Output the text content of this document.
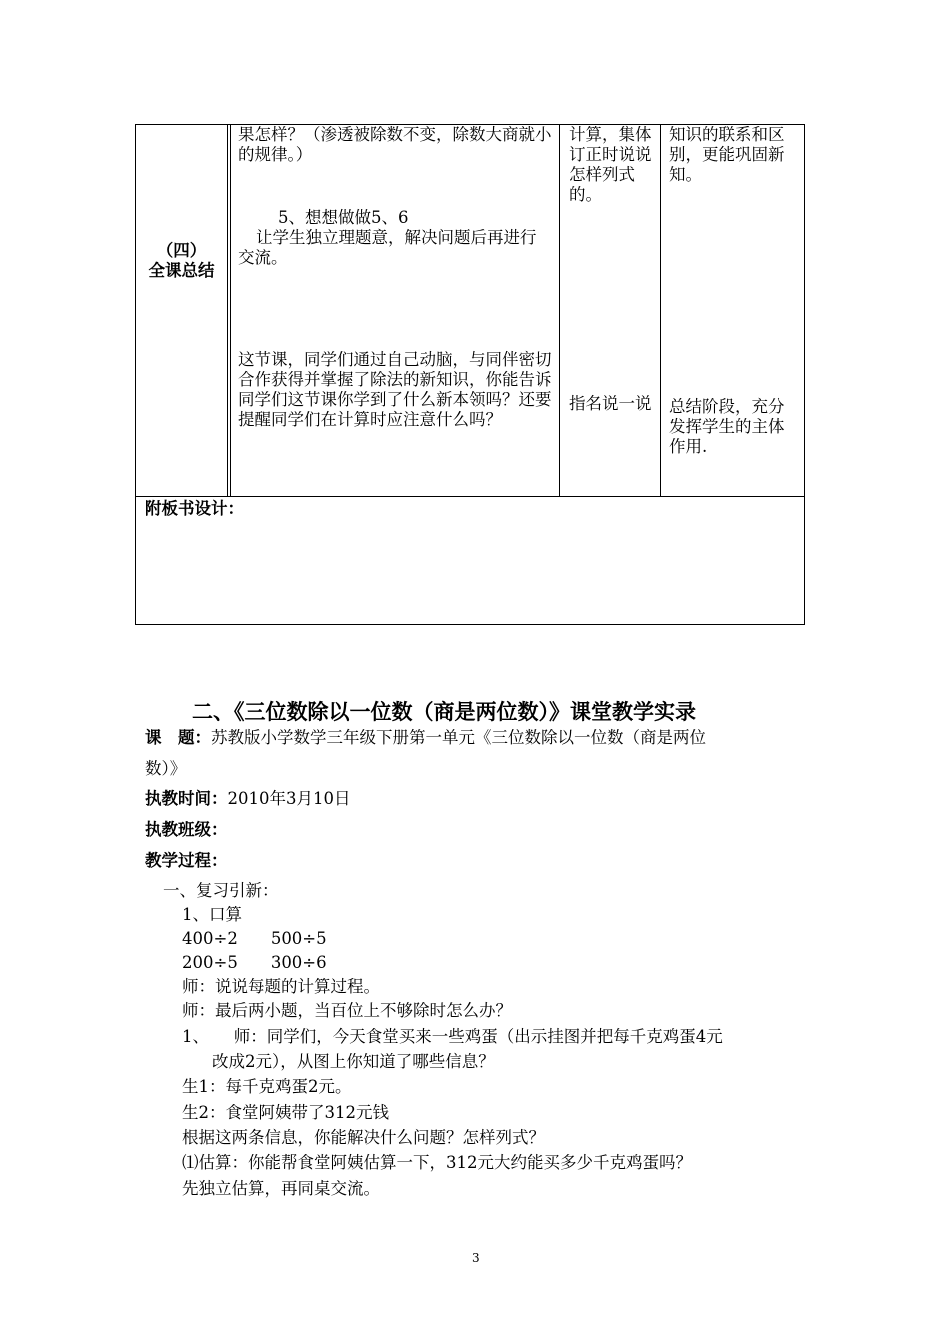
（四）
全课总结
果怎样？（渗透被除数不变，除数大商就小的规律。）
5、想想做做5、6
让学生独立理题意，解决问题后再进行交流。
这节课，同学们通过自己动脑，与同伴密切合作获得并掌握了除法的新知识，你能告诉同学们这节课你学到了什么新本领吗？还要提醒同学们在计算时应注意什么吗？
计算，集体订正时说说怎样列式的。
指名说一说
知识的联系和区别，更能巩固新知。
总结阶段，充分发挥学生的主体作用.
附板书设计：
二、《三位数除以一位数（商是两位数）》课堂教学实录
课　题：苏教版小学数学三年级下册第一单元《三位数除以一位数（商是两位
数）》
执教时间：2010年3月10日
执教班级：
教学过程：
一、复习引新：
1、口算
400÷2　　500÷5
200÷5　　300÷6
师：说说每题的计算过程。
师：最后两小题，当百位上不够除时怎么办？
1、　　师：同学们，今天食堂买来一些鸡蛋（出示挂图并把每千克鸡蛋4元
改成2元），从图上你知道了哪些信息？
生1：每千克鸡蛋2元。
生2：食堂阿姨带了312元钱
根据这两条信息，你能解决什么问题？怎样列式？
⑴估算：你能帮食堂阿姨估算一下，312元大约能买多少千克鸡蛋吗？
先独立估算，再同桌交流。
3
